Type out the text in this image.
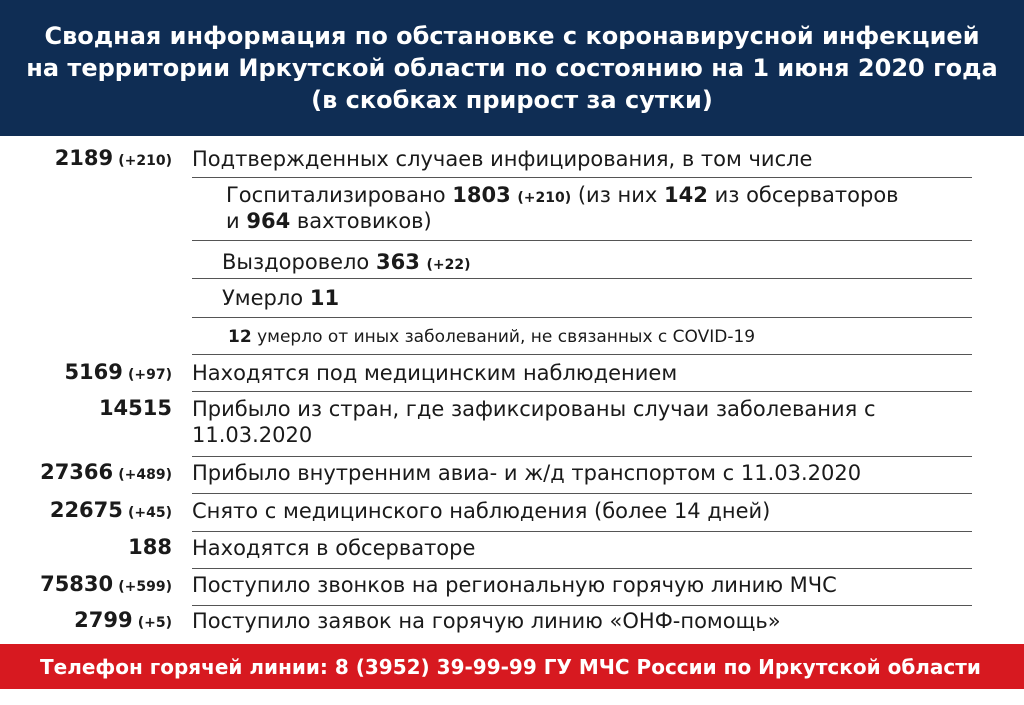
Сводная информация по обстановке с коронавирусной инфекцией
на территории Иркутской области по состоянию на 1 июня 2020 года
(в скобках прирост за сутки)
2189 (+210) Подтвержденных случаев инфицирования, в том числе
Госпитализировано 1803 (+210) (из них 142 из обсерваторов
и 964 вахтовиков)
Выздоровело 363 (+22)
Умерло 11
12 умерло от иных заболеваний, не связанных с COVID-19
5169 (+97) Находятся под медицинским наблюдением
14515 Прибыло из стран, где зафиксированы случаи заболевания с
11.03.2020
27366 (+489) Прибыло внутренним авиа- и ж/д транспортом с 11.03.2020
22675 (+45) Снято с медицинского наблюдения (более 14 дней)
188 Находятся в обсерваторе
75830 (+599) Поступило звонков на региональную горячую линию МЧС
2799 (+5) Поступило заявок на горячую линию «ОНФ-помощь»
Телефон горячей линии: 8 (3952) 39-99-99 ГУ МЧС России по Иркутской области
